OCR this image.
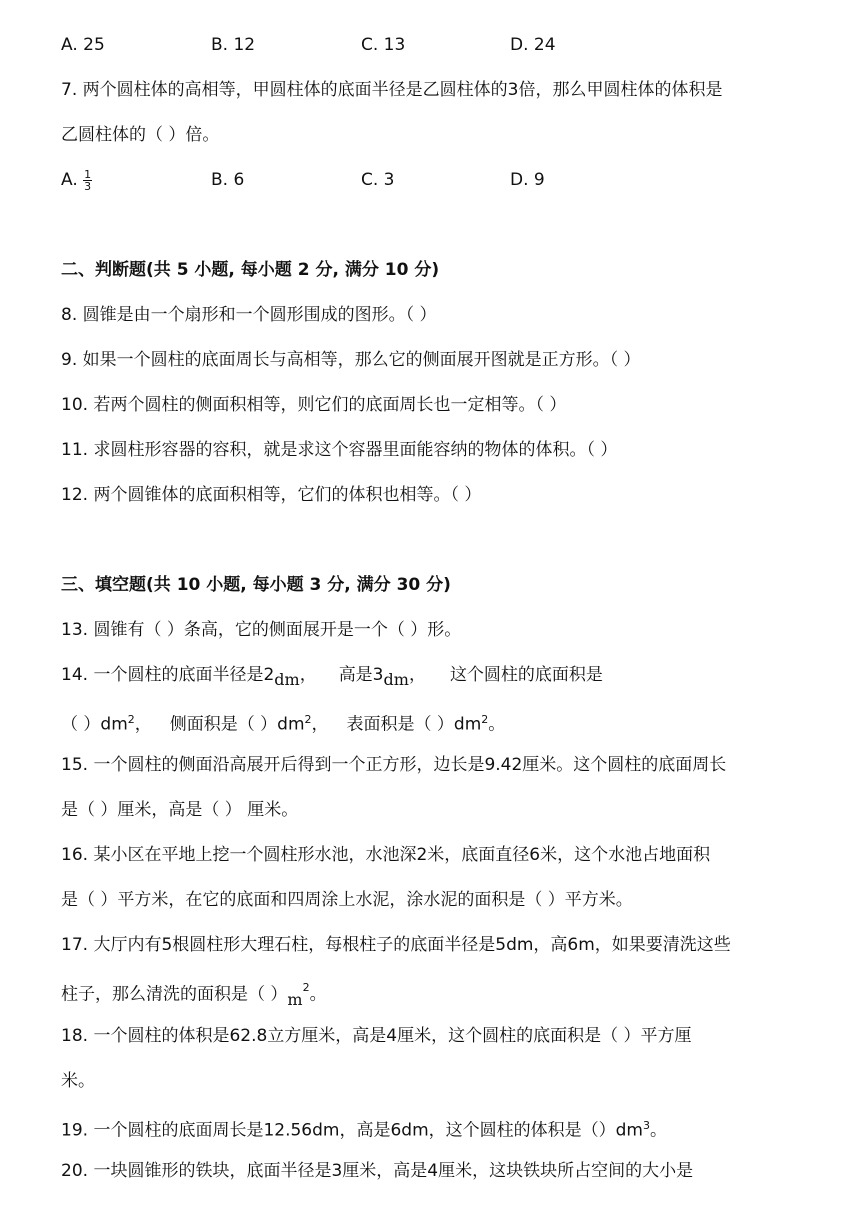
A. 25	B. 12	C. 13	D. 24
7. 两个圆柱体的高相等，甲圆柱体的底面半径是乙圆柱体的3倍，那么甲圆柱体的体积是
乙圆柱体的（ ）倍。
A. $\frac{1}{3}$	B. 6	C. 3	D. 9
二、判断题(共 5 小题, 每小题 2 分, 满分 10 分)
8. 圆锥是由一个扇形和一个圆形围成的图形。（ ）
9. 如果一个圆柱的底面周长与高相等，那么它的侧面展开图就是正方形。（ ）
10. 若两个圆柱的侧面积相等，则它们的底面周长也一定相等。（ ）
11. 求圆柱形容器的容积，就是求这个容器里面能容纳的物体的体积。（ ）
12. 两个圆锥体的底面积相等，它们的体积也相等。（ ）
三、填空题(共 10 小题, 每小题 3 分, 满分 30 分)
13. 圆锥有（ ）条高，它的侧面展开是一个（ ）形。
14. 一个圆柱的底面半径是2dm， 高是3dm， 这个圆柱的底面积是
（ ）$dm^2$， 侧面积是（ ）$dm^2$， 表面积是（ ）$dm^2$。
15. 一个圆柱的侧面沿高展开后得到一个正方形，边长是9.42厘米。这个圆柱的底面周长
是（ ）厘米，高是（ ） 厘米。
16. 某小区在平地上挖一个圆柱形水池，水池深2米，底面直径6米，这个水池占地面积
是（ ）平方米，在它的底面和四周涂上水泥，涂水泥的面积是（ ）平方米。
17. 大厅内有5根圆柱形大理石柱，每根柱子的底面半径是5dm，高6m，如果要清洗这些
柱子，那么清洗的面积是（ ）$m^2$。
18. 一个圆柱的体积是62.8立方厘米，高是4厘米，这个圆柱的底面积是（ ）平方厘
米。
19. 一个圆柱的底面周长是12.56dm，高是6dm，这个圆柱的体积是$()dm^3$。
20. 一块圆锥形的铁块，底面半径是3厘米，高是4厘米，这块铁块所占空间的大小是
